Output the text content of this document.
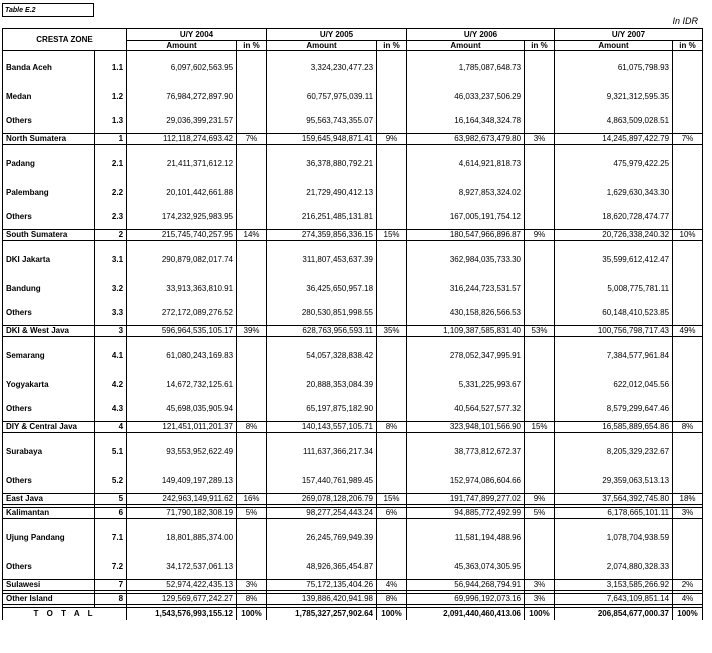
Table E.2
In IDR
CRESTA ZONE		U/Y 2004		U/Y 2005		U/Y 2006		U/Y 2007	
		Amount	in %	Amount	in %	Amount	in %	Amount	in %
Banda Aceh	1.1	6,097,602,563.95		3,324,230,477.23		1,785,087,648.73		61,075,798.93	
Medan	1.2	76,984,272,897.90		60,757,975,039.11		46,033,237,506.29		9,321,312,595.35	
Others	1.3	29,036,399,231.57		95,563,743,355.07		16,164,348,324.78		4,863,509,028.51	
North Sumatera	1	112,118,274,693.42	7%	159,645,948,871.41	9%	63,982,673,479.80	3%	14,245,897,422.79	7%

Padang	2.1	21,411,371,612.12		36,378,880,792.21		4,614,921,818.73		475,979,422.25	
Palembang	2.2	20,101,442,661.88		21,729,490,412.13		8,927,853,324.02		1,629,630,343.30	
Others	2.3	174,232,925,983.95		216,251,485,131.81		167,005,191,754.12		18,620,728,474.77	
South Sumatera	2	215,745,740,257.95	14%	274,359,856,336.15	15%	180,547,966,896.87	9%	20,726,338,240.32	10%

DKI Jakarta	3.1	290,879,082,017.74		311,807,453,637.39		362,984,035,733.30		35,599,612,412.47	
Bandung	3.2	33,913,363,810.91		36,425,650,957.18		316,244,723,531.57		5,008,775,781.11	
Others	3.3	272,172,089,276.52		280,530,851,998.55		430,158,826,566.53		60,148,410,523.85	
DKI & West Java	3	596,964,535,105.17	39%	628,763,956,593.11	35%	1,109,387,585,831.40	53%	100,756,798,717.43	49%

Semarang	4.1	61,080,243,169.83		54,057,328,838.42		278,052,347,995.91		7,384,577,961.84	
Yogyakarta	4.2	14,672,732,125.61		20,888,353,084.39		5,331,225,993.67		622,012,045.56	
Others	4.3	45,698,035,905.94		65,197,875,182.90		40,564,527,577.32		8,579,299,647.46	
DIY & Central Java	4	121,451,011,201.37	8%	140,143,557,105.71	8%	323,948,101,566.90	15%	16,585,889,654.86	8%

Surabaya	5.1	93,553,952,622.49		111,637,366,217.34		38,773,812,672.37		8,205,329,232.67	
Others	5.2	149,409,197,289.13		157,440,761,989.45		152,974,086,604.66		29,359,063,513.13	
East Java	5	242,963,149,911.62	16%	269,078,128,206.79	15%	191,747,899,277.02	9%	37,564,392,745.80	18%

Kalimantan	6	71,790,182,308.19	5%	98,277,254,443.24	6%	94,885,772,492.99	5%	6,178,665,101.11	3%

Ujung Pandang	7.1	18,801,885,374.00		26,245,769,949.39		11,581,194,488.96		1,078,704,938.59	
Others	7.2	34,172,537,061.13		48,926,365,454.87		45,363,074,305.95		2,074,880,328.33	
Sulawesi	7	52,974,422,435.13	3%	75,172,135,404.26	4%	56,944,268,794.91	3%	3,153,585,266.92	2%

Other Island	8	129,569,677,242.27	8%	139,886,420,941.98	8%	69,996,192,073.16	3%	7,643,109,851.14	4%

T O T A L		1,543,576,993,155.12	100%	1,785,327,257,902.64	100%	2,091,440,460,413.06	100%	206,854,677,000.37	100%
